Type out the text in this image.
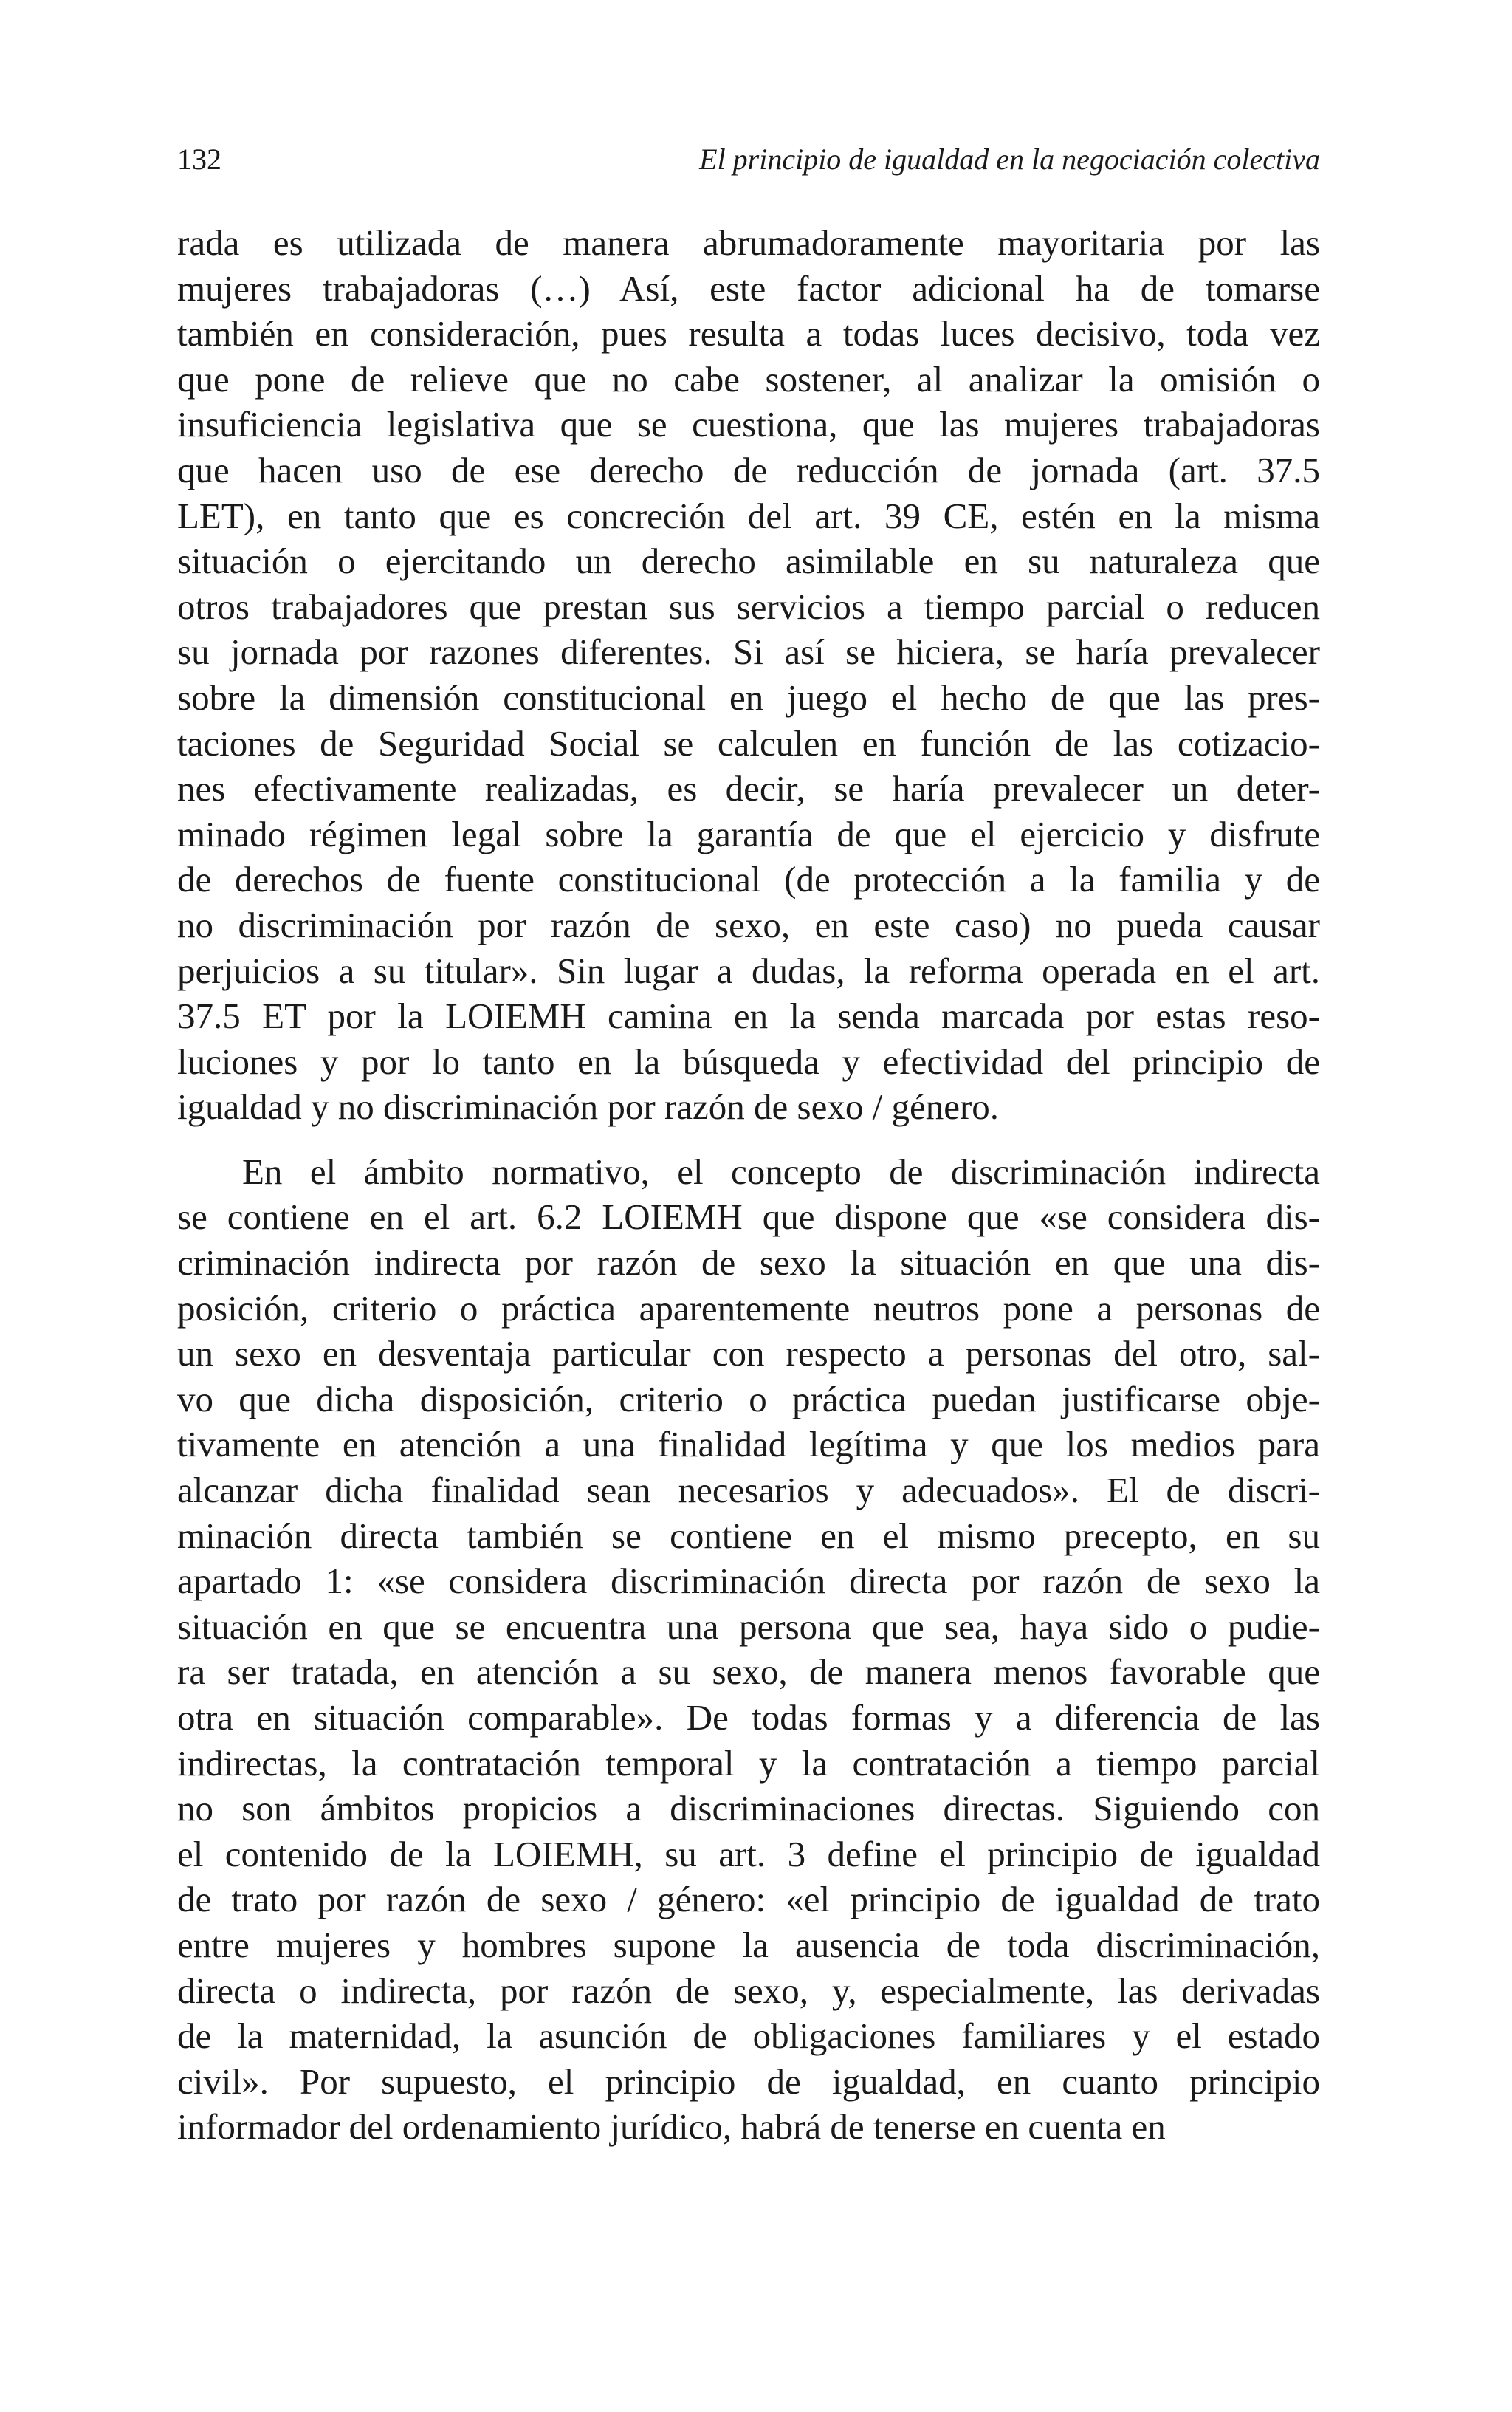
132	El principio de igualdad en la negociación colectiva
rada es utilizada de manera abrumadoramente mayoritaria por las
mujeres trabajadoras (…) Así, este factor adicional ha de tomarse
también en consideración, pues resulta a todas luces decisivo, toda vez
que pone de relieve que no cabe sostener, al analizar la omisión o
insuficiencia legislativa que se cuestiona, que las mujeres trabajadoras
que hacen uso de ese derecho de reducción de jornada (art. 37.5
LET), en tanto que es concreción del art. 39 CE, estén en la misma
situación o ejercitando un derecho asimilable en su naturaleza que
otros trabajadores que prestan sus servicios a tiempo parcial o reducen
su jornada por razones diferentes. Si así se hiciera, se haría prevalecer
sobre la dimensión constitucional en juego el hecho de que las pres-
taciones de Seguridad Social se calculen en función de las cotizacio-
nes efectivamente realizadas, es decir, se haría prevalecer un deter-
minado régimen legal sobre la garantía de que el ejercicio y disfrute
de derechos de fuente constitucional (de protección a la familia y de
no discriminación por razón de sexo, en este caso) no pueda causar
perjuicios a su titular». Sin lugar a dudas, la reforma operada en el art.
37.5 ET por la LOIEMH camina en la senda marcada por estas reso-
luciones y por lo tanto en la búsqueda y efectividad del principio de
igualdad y no discriminación por razón de sexo / género.
En el ámbito normativo, el concepto de discriminación indirecta
se contiene en el art. 6.2 LOIEMH que dispone que «se considera dis-
criminación indirecta por razón de sexo la situación en que una dis-
posición, criterio o práctica aparentemente neutros pone a personas de
un sexo en desventaja particular con respecto a personas del otro, sal-
vo que dicha disposición, criterio o práctica puedan justificarse obje-
tivamente en atención a una finalidad legítima y que los medios para
alcanzar dicha finalidad sean necesarios y adecuados». El de discri-
minación directa también se contiene en el mismo precepto, en su
apartado 1: «se considera discriminación directa por razón de sexo la
situación en que se encuentra una persona que sea, haya sido o pudie-
ra ser tratada, en atención a su sexo, de manera menos favorable que
otra en situación comparable». De todas formas y a diferencia de las
indirectas, la contratación temporal y la contratación a tiempo parcial
no son ámbitos propicios a discriminaciones directas. Siguiendo con
el contenido de la LOIEMH, su art. 3 define el principio de igualdad
de trato por razón de sexo / género: «el principio de igualdad de trato
entre mujeres y hombres supone la ausencia de toda discriminación,
directa o indirecta, por razón de sexo, y, especialmente, las derivadas
de la maternidad, la asunción de obligaciones familiares y el estado
civil». Por supuesto, el principio de igualdad, en cuanto principio
informador del ordenamiento jurídico, habrá de tenerse en cuenta en
